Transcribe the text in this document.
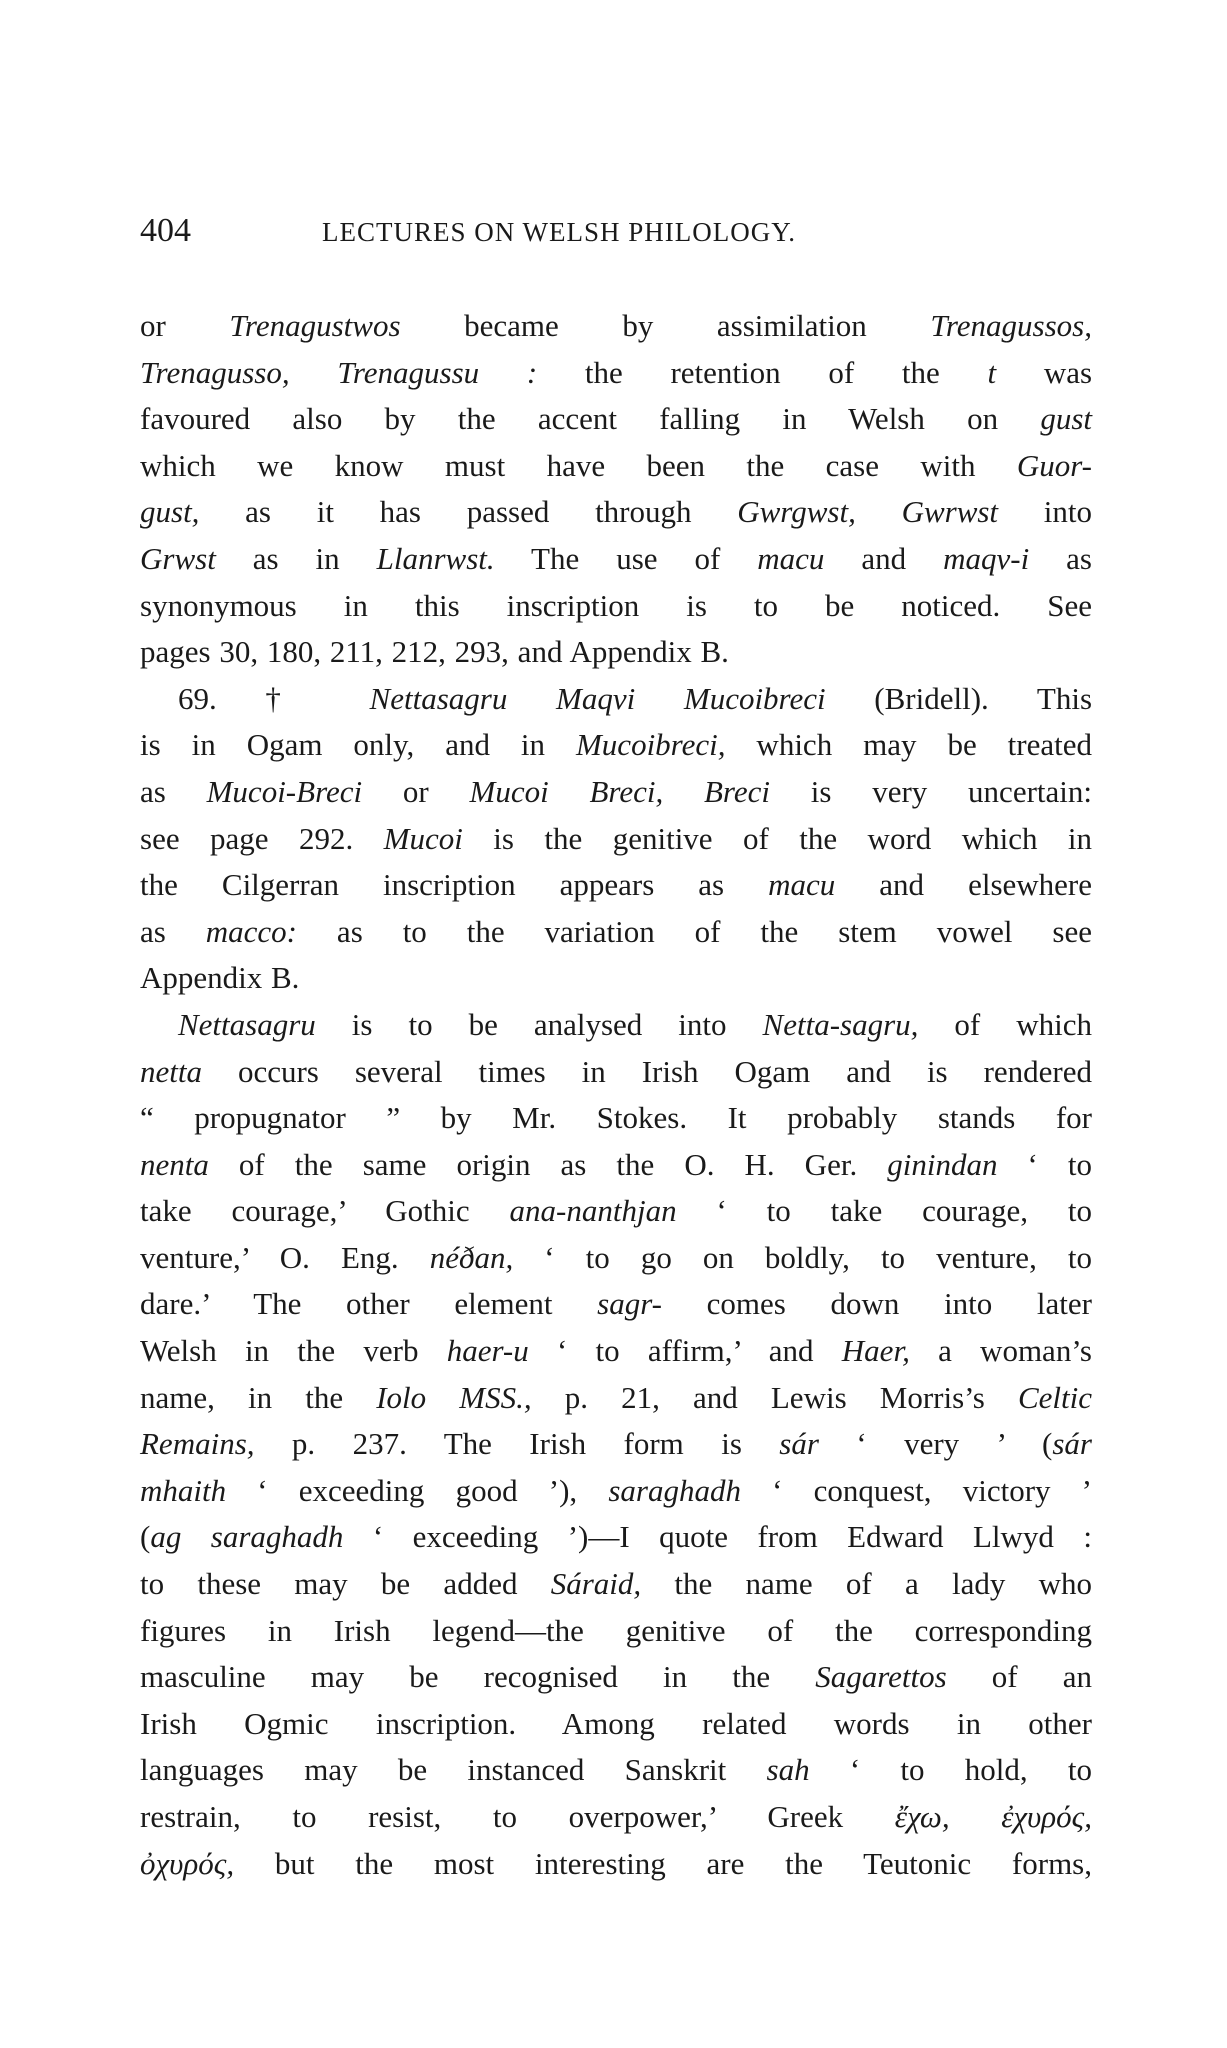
404	LECTURES ON WELSH PHILOLOGY.
or Trenagustwos became by assimilation Trenagussos,
Trenagusso, Trenagussu : the retention of the t was
favoured also by the accent falling in Welsh on gust
which we know must have been the case with Guor-
gust, as it has passed through Gwrgwst, Gwrwst into
Grwst as in Llanrwst. The use of macu and maqv-i as
synonymous in this inscription is to be noticed. See
pages 30, 180, 211, 212, 293, and Appendix B.
69. † Nettasagru Maqvi Mucoibreci (Bridell). This
is in Ogam only, and in Mucoibreci, which may be treated
as Mucoi-Breci or Mucoi Breci, Breci is very uncertain:
see page 292. Mucoi is the genitive of the word which in
the Cilgerran inscription appears as macu and elsewhere
as macco: as to the variation of the stem vowel see
Appendix B.
Nettasagru is to be analysed into Netta-sagru, of which
netta occurs several times in Irish Ogam and is rendered
“ propugnator ” by Mr. Stokes. It probably stands for
nenta of the same origin as the O. H. Ger. ginindan ‘ to
take courage,’ Gothic ana-nanthjan ‘ to take courage, to
venture,’ O. Eng. néðan, ‘ to go on boldly, to venture, to
dare.’ The other element sagr- comes down into later
Welsh in the verb haer-u ‘ to affirm,’ and Haer, a woman’s
name, in the Iolo MSS., p. 21, and Lewis Morris’s Celtic
Remains, p. 237. The Irish form is sár ‘ very ’ (sár
mhaith ‘ exceeding good ’), saraghadh ‘ conquest, victory ’
(ag saraghadh ‘ exceeding ’)—I quote from Edward Llwyd :
to these may be added Sáraid, the name of a lady who
figures in Irish legend—the genitive of the corresponding
masculine may be recognised in the Sagarettos of an
Irish Ogmic inscription. Among related words in other
languages may be instanced Sanskrit sah ‘ to hold, to
restrain, to resist, to overpower,’ Greek ἔχω, ἐχυρός,
ὀχυρός, but the most interesting are the Teutonic forms,
